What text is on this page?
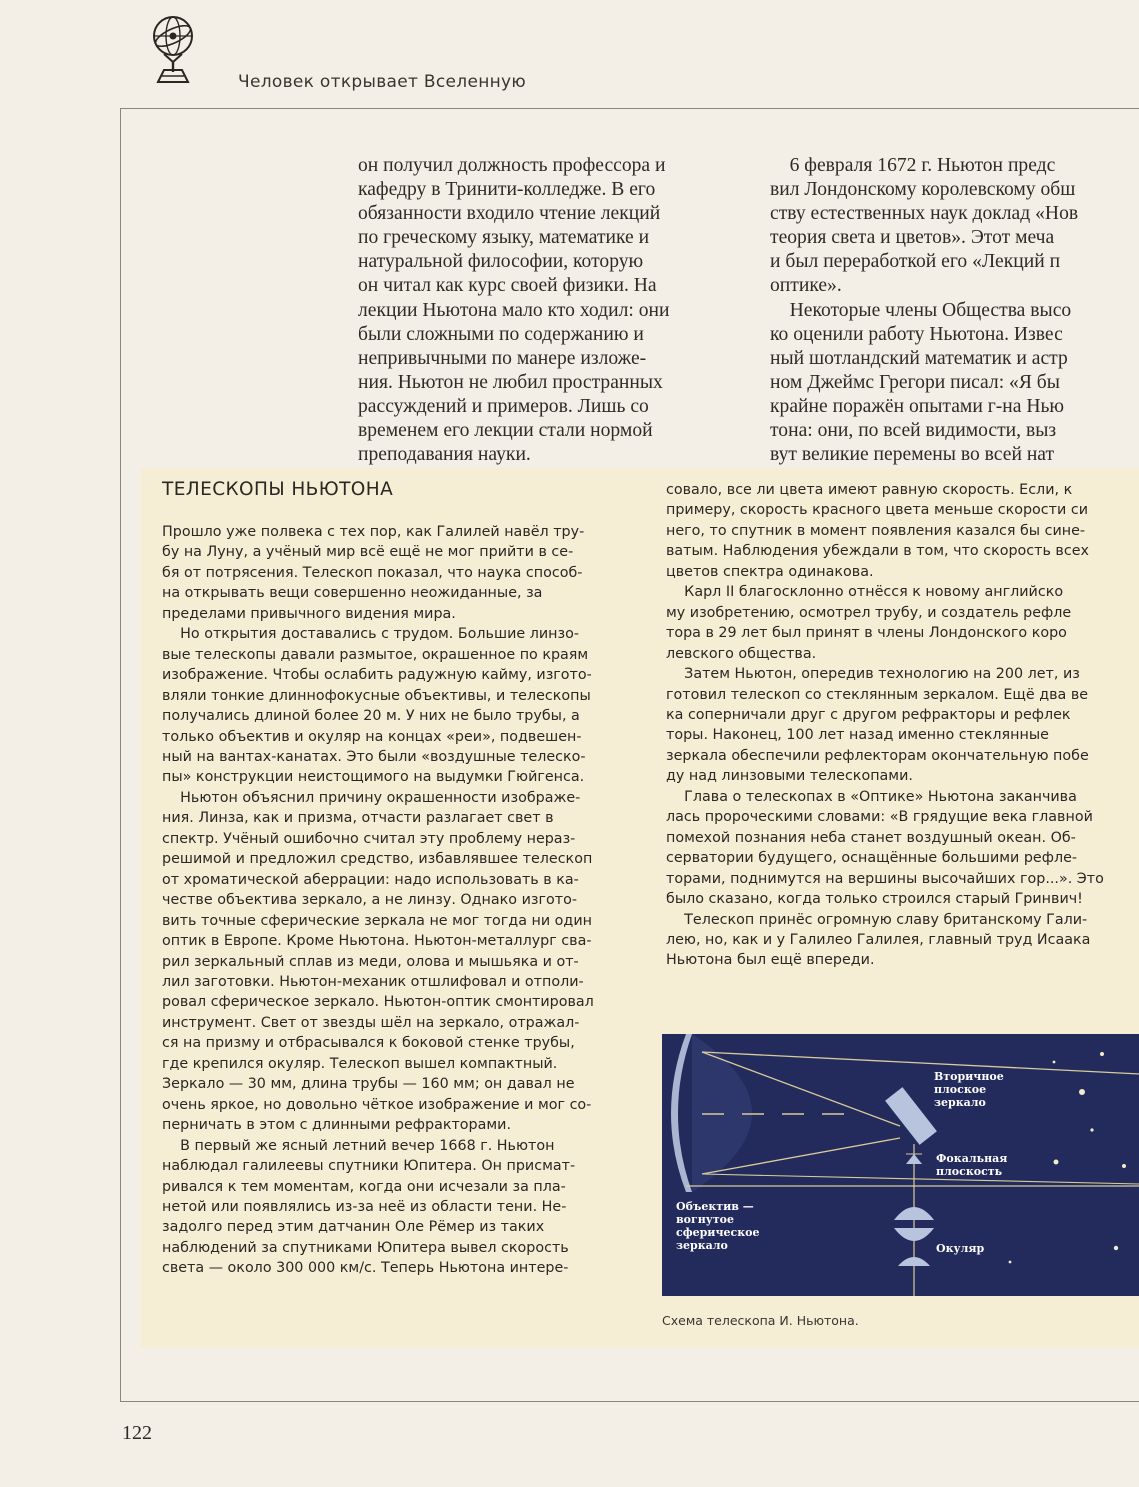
Человек открывает Вселенную
он получил должность профессора и
кафедру в Тринити-колледже. В его
обязанности входило чтение лекций
по греческому языку, математике и
натуральной философии, которую
он читал как курс своей физики. На
лекции Ньютона мало кто ходил: они
были сложными по содержанию и
непривычными по манере изложе-
ния. Ньютон не любил пространных
рассуждений и примеров. Лишь со
временем его лекции стали нормой
преподавания науки.
6 февраля 1672 г. Ньютон предс
вил Лондонскому королевскому обш
ству естественных наук доклад «Нов
теория света и цветов». Этот меча
и был переработкой его «Лекций п
оптике».
Некоторые члены Общества высо
ко оценили работу Ньютона. Извес
ный шотландский математик и астр
ном Джеймс Грегори писал: «Я бы
крайне поражён опытами г-на Нью
тона: они, по всей видимости, выз
вут великие перемены во всей нат
ТЕЛЕСКОПЫ НЬЮТОНА
Прошло уже полвека с тех пор, как Галилей навёл тру-
бу на Луну, а учёный мир всё ещё не мог прийти в се-
бя от потрясения. Телескоп показал, что наука способ-
на открывать вещи совершенно неожиданные, за
пределами привычного видения мира.
Но открытия доставались с трудом. Большие линзо-
вые телескопы давали размытое, окрашенное по краям
изображение. Чтобы ослабить радужную кайму, изгото-
вляли тонкие длиннофокусные объективы, и телескопы
получались длиной более 20 м. У них не было трубы, а
только объектив и окуляр на концах «реи», подвешен-
ный на вантах-канатах. Это были «воздушные телеско-
пы» конструкции неистощимого на выдумки Гюйгенса.
Ньютон объяснил причину окрашенности изображе-
ния. Линза, как и призма, отчасти разлагает свет в
спектр. Учёный ошибочно считал эту проблему нераз-
решимой и предложил средство, избавлявшее телескоп
от хроматической аберрации: надо использовать в ка-
честве объектива зеркало, а не линзу. Однако изгото-
вить точные сферические зеркала не мог тогда ни один
оптик в Европе. Кроме Ньютона. Ньютон-металлург сва-
рил зеркальный сплав из меди, олова и мышьяка и от-
лил заготовки. Ньютон-механик отшлифовал и отполи-
ровал сферическое зеркало. Ньютон-оптик смонтировал
инструмент. Свет от звезды шёл на зеркало, отражал-
ся на призму и отбрасывался к боковой стенке трубы,
где крепился окуляр. Телескоп вышел компактный.
Зеркало — 30 мм, длина трубы — 160 мм; он давал не
очень яркое, но довольно чёткое изображение и мог со-
перничать в этом с длинными рефракторами.
В первый же ясный летний вечер 1668 г. Ньютон
наблюдал галилеевы спутники Юпитера. Он присмат-
ривался к тем моментам, когда они исчезали за пла-
нетой или появлялись из-за неё из области тени. Не-
задолго перед этим датчанин Оле Рёмер из таких
наблюдений за спутниками Юпитера вывел скорость
света — около 300 000 км/с. Теперь Ньютона интере-
совало, все ли цвета имеют равную скорость. Если, к
примеру, скорость красного цвета меньше скорости си
него, то спутник в момент появления казался бы сине-
ватым. Наблюдения убеждали в том, что скорость всех
цветов спектра одинакова.
Карл II благосклонно отнёсся к новому английско
му изобретению, осмотрел трубу, и создатель рефле
тора в 29 лет был принят в члены Лондонского коро
левского общества.
Затем Ньютон, опередив технологию на 200 лет, из
готовил телескоп со стеклянным зеркалом. Ещё два ве
ка соперничали друг с другом рефракторы и рефлек
торы. Наконец, 100 лет назад именно стеклянные
зеркала обеспечили рефлекторам окончательную побе
ду над линзовыми телескопами.
Глава о телескопах в «Оптике» Ньютона заканчива
лась пророческими словами: «В грядущие века главной
помехой познания неба станет воздушный океан. Об-
серватории будущего, оснащённые большими рефле-
торами, поднимутся на вершины высочайших гор...». Это
было сказано, когда только строился старый Гринвич!
Телескоп принёс огромную славу британскому Гали-
лею, но, как и у Галилео Галилея, главный труд Исаака
Ньютона был ещё впереди.
Вторичное плоское зеркало
Фокальная плоскость
Объектив — вогнутое сферическое зеркало	Окуляр
Схема телескопа И. Ньютона.
122
